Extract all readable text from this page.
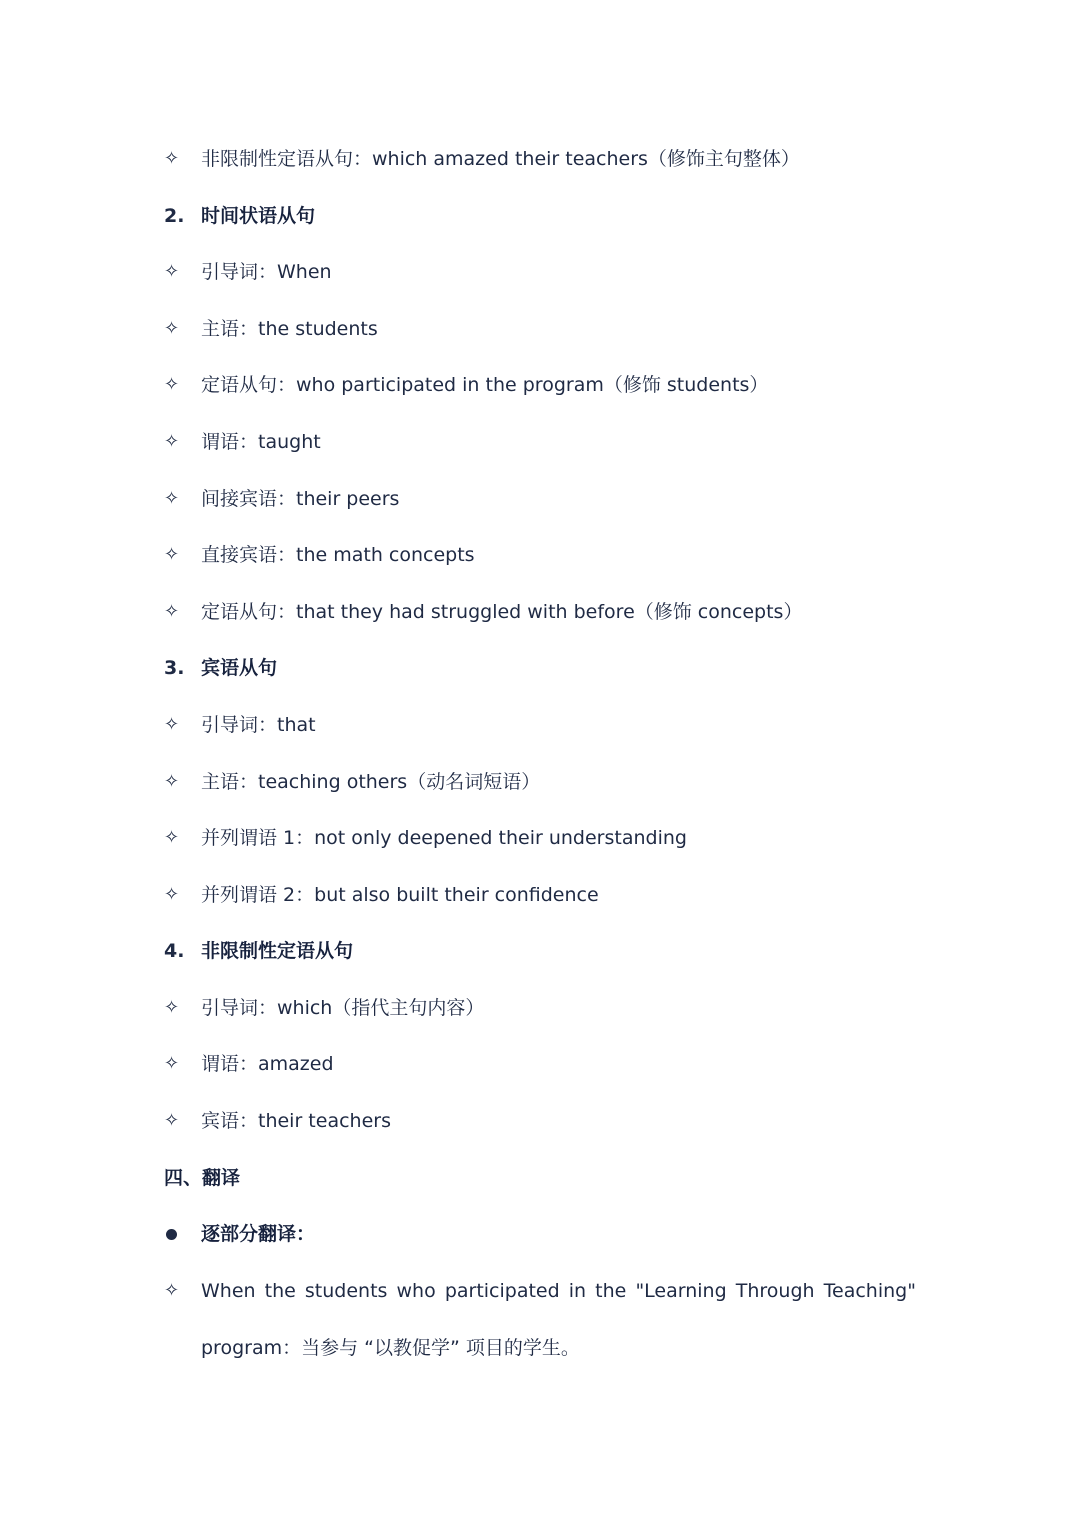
✧	非限制性定语从句：which amazed their teachers（修饰主句整体）
2. 时间状语从句
✧	引导词：When
✧	主语：the students
✧	定语从句：who participated in the program（修饰 students）
✧	谓语：taught
✧	间接宾语：their peers
✧	直接宾语：the math concepts
✧	定语从句：that they had struggled with before（修饰 concepts）
3. 宾语从句
✧	引导词：that
✧	主语：teaching others（动名词短语）
✧	并列谓语 1：not only deepened their understanding
✧	并列谓语 2：but also built their confidence
4. 非限制性定语从句
✧	引导词：which（指代主句内容）
✧	谓语：amazed
✧	宾语：their teachers
四、翻译
逐部分翻译：
✧	When the students who participated in the "Learning Through Teaching"
program：当参与 “以教促学” 项目的学生。
